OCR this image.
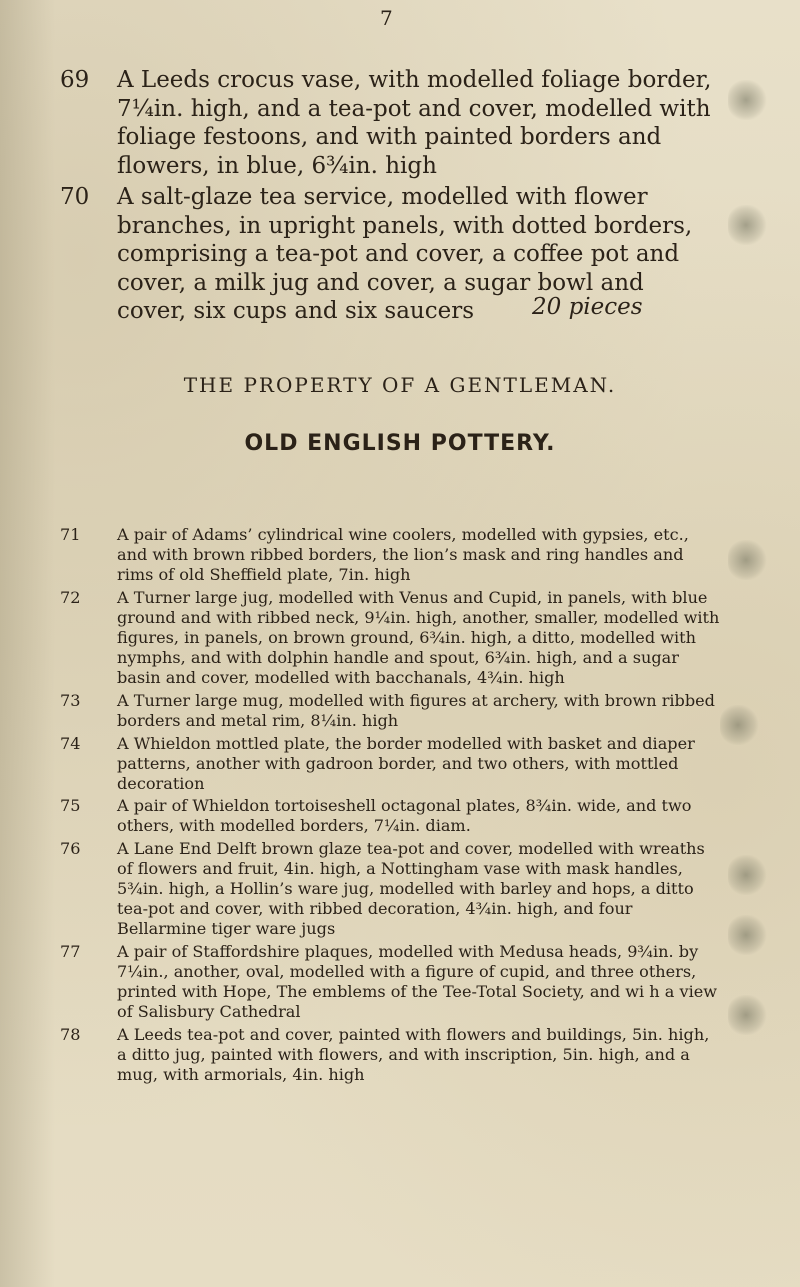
7
69	A Leeds crocus vase, with modelled foliage border, 7¼in. high, and a tea-pot and cover, modelled with foliage festoons, and with painted borders and flowers, in blue, 6¾in. high
70	A salt-glaze tea service, modelled with flower branches, in upright panels, with dotted borders, comprising a tea-pot and cover, a coffee pot and cover, a milk jug and cover, a sugar bowl and cover, six cups and six saucers	20 pieces
THE PROPERTY OF A GENTLEMAN.
OLD ENGLISH POTTERY.
71	A pair of Adams’ cylindrical wine coolers, modelled with gypsies, etc., and with brown ribbed borders, the lion’s mask and ring handles and rims of old Sheffield plate, 7in. high
72	A Turner large jug, modelled with Venus and Cupid, in panels, with blue ground and with ribbed neck, 9¼in. high, another, smaller, modelled with figures, in panels, on brown ground, 6¾in. high, a ditto, modelled with nymphs, and with dolphin handle and spout, 6¾in. high, and a sugar basin and cover, modelled with bacchanals, 4¾in. high
73	A Turner large mug, modelled with figures at archery, with brown ribbed borders and metal rim, 8¼in. high
74	A Whieldon mottled plate, the border modelled with basket and diaper patterns, another with gadroon border, and two others, with mottled decoration
75	A pair of Whieldon tortoiseshell octagonal plates, 8¾in. wide, and two others, with modelled borders, 7¼in. diam.
76	A Lane End Delft brown glaze tea-pot and cover, modelled with wreaths of flowers and fruit, 4in. high, a Nottingham vase with mask handles, 5¾in. high, a Hollin’s ware jug, modelled with barley and hops, a ditto tea-pot and cover, with ribbed decoration, 4¾in. high, and four Bellarmine tiger ware jugs
77	A pair of Staffordshire plaques, modelled with Medusa heads, 9¾in. by 7¼in., another, oval, modelled with a figure of cupid, and three others, printed with Hope, The emblems of the Tee-Total Society, and wi h a view of Salisbury Cathedral
78	A Leeds tea-pot and cover, painted with flowers and buildings, 5in. high, a ditto jug, painted with flowers, and with inscription, 5in. high, and a mug, with armorials, 4in. high
